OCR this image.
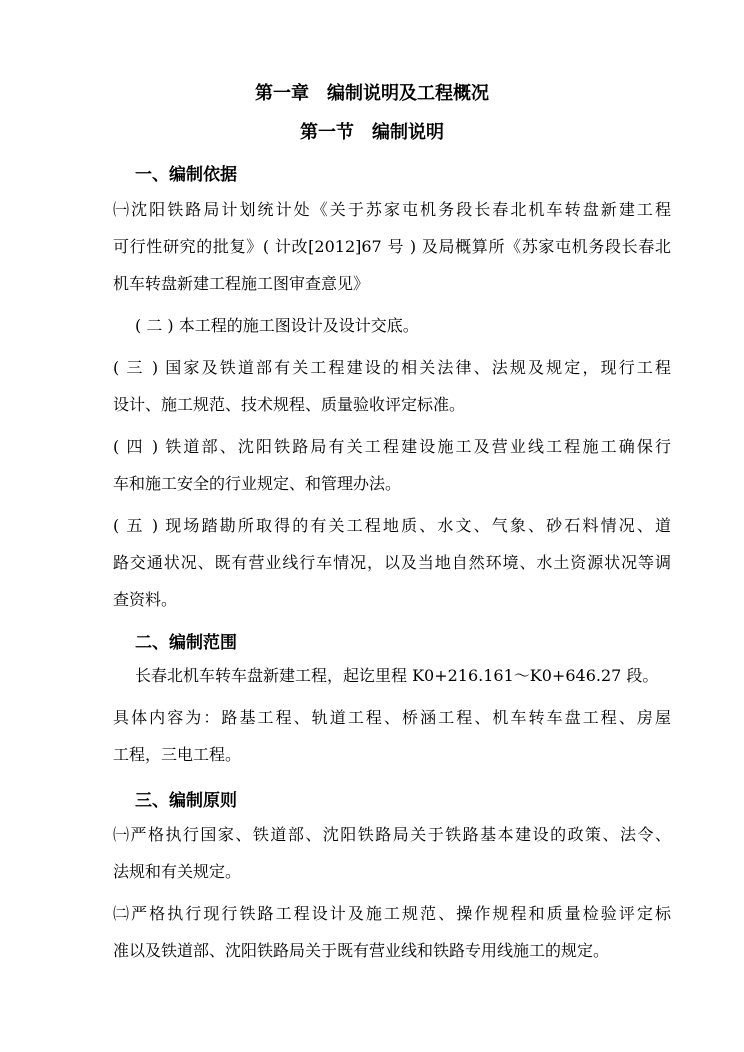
第一章　编制说明及工程概况
第一节　编制说明
一、编制依据
㈠沈阳铁路局计划统计处《关于苏家屯机务段长春北机车转盘新建工程
可行性研究的批复》( 计改[2012]67 号 ) 及局概算所《苏家屯机务段长春北
机车转盘新建工程施工图审查意见》
( 二 ) 本工程的施工图设计及设计交底。
( 三 ) 国家及铁道部有关工程建设的相关法律、法规及规定，现行工程
设计、施工规范、技术规程、质量验收评定标准。
( 四 ) 铁道部、沈阳铁路局有关工程建设施工及营业线工程施工确保行
车和施工安全的行业规定、和管理办法。
( 五 ) 现场踏勘所取得的有关工程地质、水文、气象、砂石料情况、道
路交通状况、既有营业线行车情况，以及当地自然环境、水土资源状况等调
查资料。
二、编制范围
长春北机车转车盘新建工程，起讫里程 K0+216.161～K0+646.27 段。
具体内容为：路基工程、轨道工程、桥涵工程、机车转车盘工程、房屋
工程，三电工程。
三、编制原则
㈠严格执行国家、铁道部、沈阳铁路局关于铁路基本建设的政策、法令、
法规和有关规定。
㈡严格执行现行铁路工程设计及施工规范、操作规程和质量检验评定标
准以及铁道部、沈阳铁路局关于既有营业线和铁路专用线施工的规定。
